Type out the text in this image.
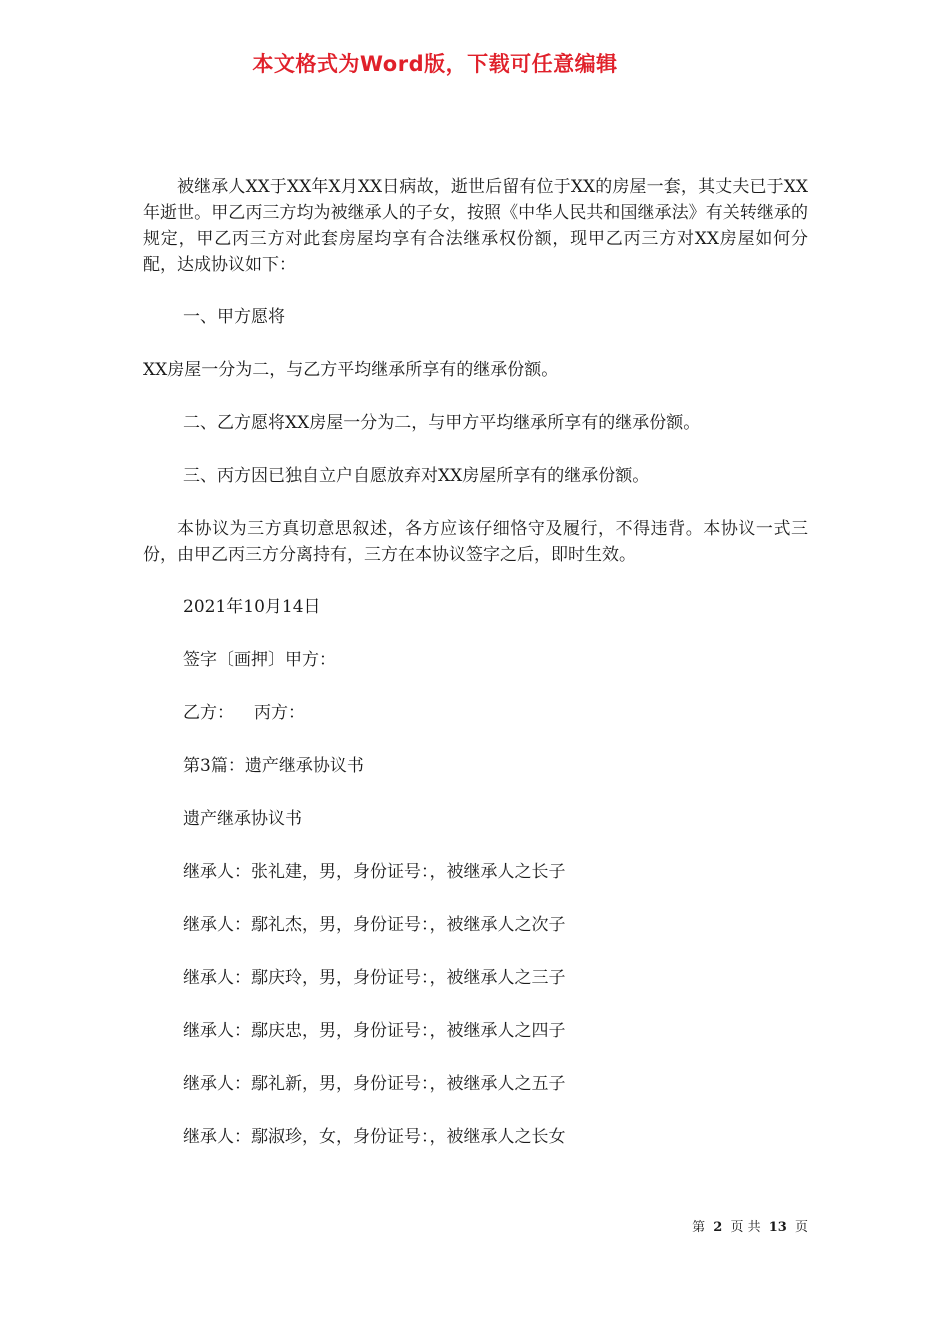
本文格式为Word版，下载可任意编辑

被继承人XX于XX年X月XX日病故，逝世后留有位于XX的房屋一套，其丈夫已于XX年逝世。甲乙丙三方均为被继承人的子女，按照《中华人民共和国继承法》有关转继承的规定，甲乙丙三方对此套房屋均享有合法继承权份额，现甲乙丙三方对XX房屋如何分配，达成协议如下：

一、甲方愿将

XX房屋一分为二，与乙方平均继承所享有的继承份额。

二、乙方愿将XX房屋一分为二，与甲方平均继承所享有的继承份额。

三、丙方因已独自立户自愿放弃对XX房屋所享有的继承份额。

本协议为三方真切意思叙述，各方应该仔细恪守及履行，不得违背。本协议一式三份，由甲乙丙三方分离持有，三方在本协议签字之后，即时生效。

2021年10月14日

签字〔画押〕甲方：

乙方： 丙方：

第3篇：遗产继承协议书

遗产继承协议书

继承人：张礼建，男，身份证号：，被继承人之长子

继承人：鄢礼杰，男，身份证号：，被继承人之次子

继承人：鄢庆玲，男，身份证号：，被继承人之三子

继承人：鄢庆忠，男，身份证号：，被继承人之四子

继承人：鄢礼新，男，身份证号：，被继承人之五子

继承人：鄢淑珍，女，身份证号：，被继承人之长女

第 2 页 共 13 页
